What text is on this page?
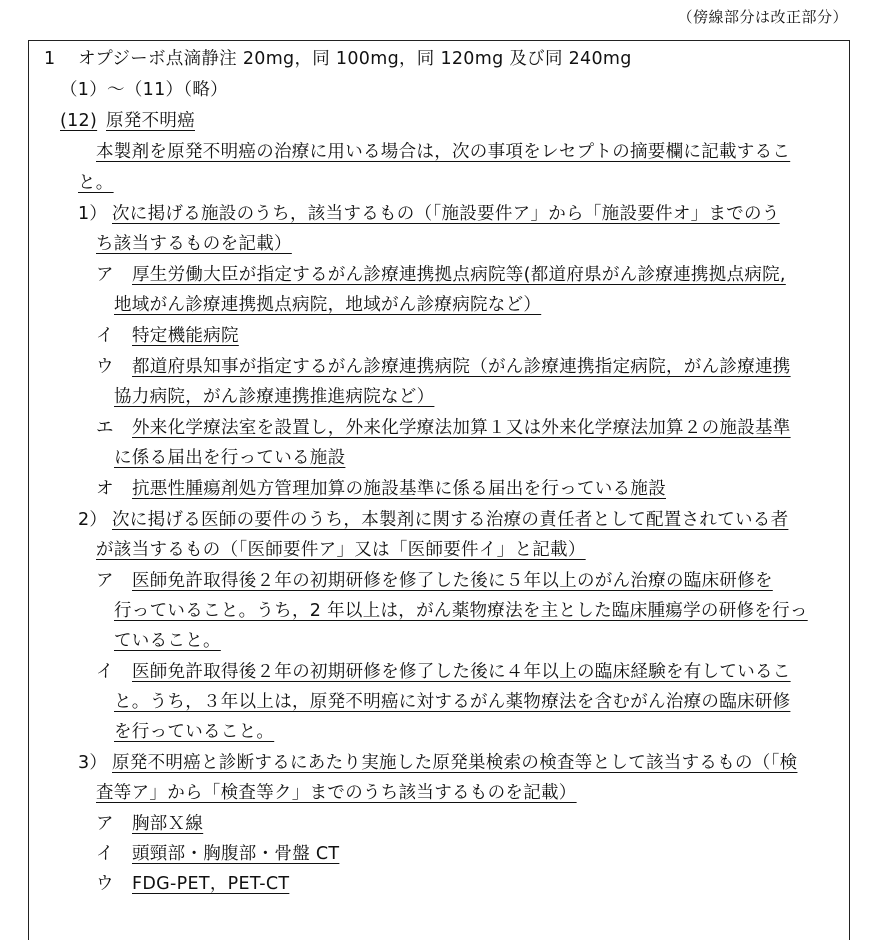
（傍線部分は改正部分）
1 オプジーボ点滴静注 20mg，同 100mg，同 120mg 及び同 240mg
（1）～（11）（略）
(12) 原発不明癌
本製剤を原発不明癌の治療に用いる場合は，次の事項をレセプトの摘要欄に記載するこ
と。
1） 次に掲げる施設のうち，該当するもの（「施設要件ア」から「施設要件オ」までのう
ち該当するものを記載）
ア 厚生労働大臣が指定するがん診療連携拠点病院等(都道府県がん診療連携拠点病院,
地域がん診療連携拠点病院，地域がん診療病院など）
イ 特定機能病院
ウ 都道府県知事が指定するがん診療連携病院（がん診療連携指定病院，がん診療連携
協力病院，がん診療連携推進病院など）
エ 外来化学療法室を設置し，外来化学療法加算１又は外来化学療法加算２の施設基準
に係る届出を行っている施設
オ 抗悪性腫瘍剤処方管理加算の施設基準に係る届出を行っている施設
2） 次に掲げる医師の要件のうち，本製剤に関する治療の責任者として配置されている者
が該当するもの（「医師要件ア」又は「医師要件イ」と記載）
ア 医師免許取得後２年の初期研修を修了した後に５年以上のがん治療の臨床研修を
行っていること。うち，2 年以上は，がん薬物療法を主とした臨床腫瘍学の研修を行っ
ていること。
イ 医師免許取得後２年の初期研修を修了した後に４年以上の臨床経験を有しているこ
と。うち，３年以上は，原発不明癌に対するがん薬物療法を含むがん治療の臨床研修
を行っていること。
3） 原発不明癌と診断するにあたり実施した原発巣検索の検査等として該当するもの（「検
査等ア」から「検査等ク」までのうち該当するものを記載）
ア 胸部Ｘ線
イ 頭頸部・胸腹部・骨盤 CT
ウ FDG-PET，PET-CT
